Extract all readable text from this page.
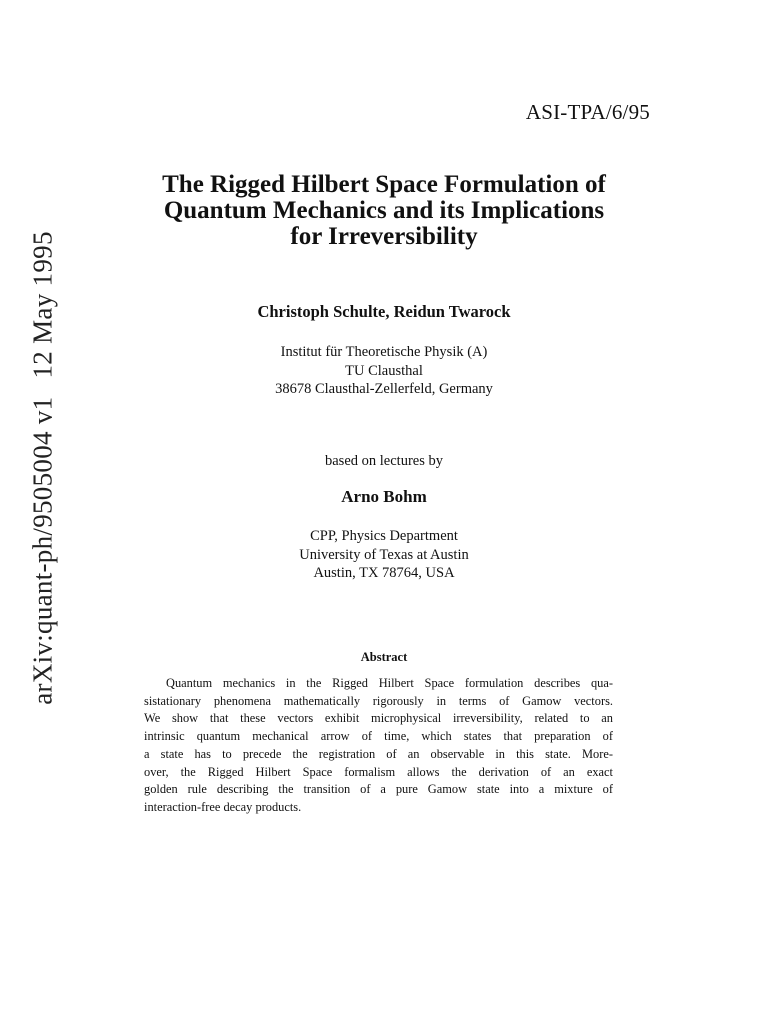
ASI-TPA/6/95
arXiv:quant-ph/9505004 v112 May 1995
The Rigged Hilbert Space Formulation of
Quantum Mechanics and its Implications
for Irreversibility
Christoph Schulte, Reidun Twarock
Institut für Theoretische Physik (A)
TU Clausthal
38678 Clausthal-Zellerfeld, Germany
based on lectures by
Arno Bohm
CPP, Physics Department
University of Texas at Austin
Austin, TX 78764, USA
Abstract
Quantum mechanics in the Rigged Hilbert Space formulation describes qua-
sistationary phenomena mathematically rigorously in terms of Gamow vectors.
We show that these vectors exhibit microphysical irreversibility, related to an
intrinsic quantum mechanical arrow of time, which states that preparation of
a state has to precede the registration of an observable in this state. More-
over, the Rigged Hilbert Space formalism allows the derivation of an exact
golden rule describing the transition of a pure Gamow state into a mixture of
interaction-free decay products.
